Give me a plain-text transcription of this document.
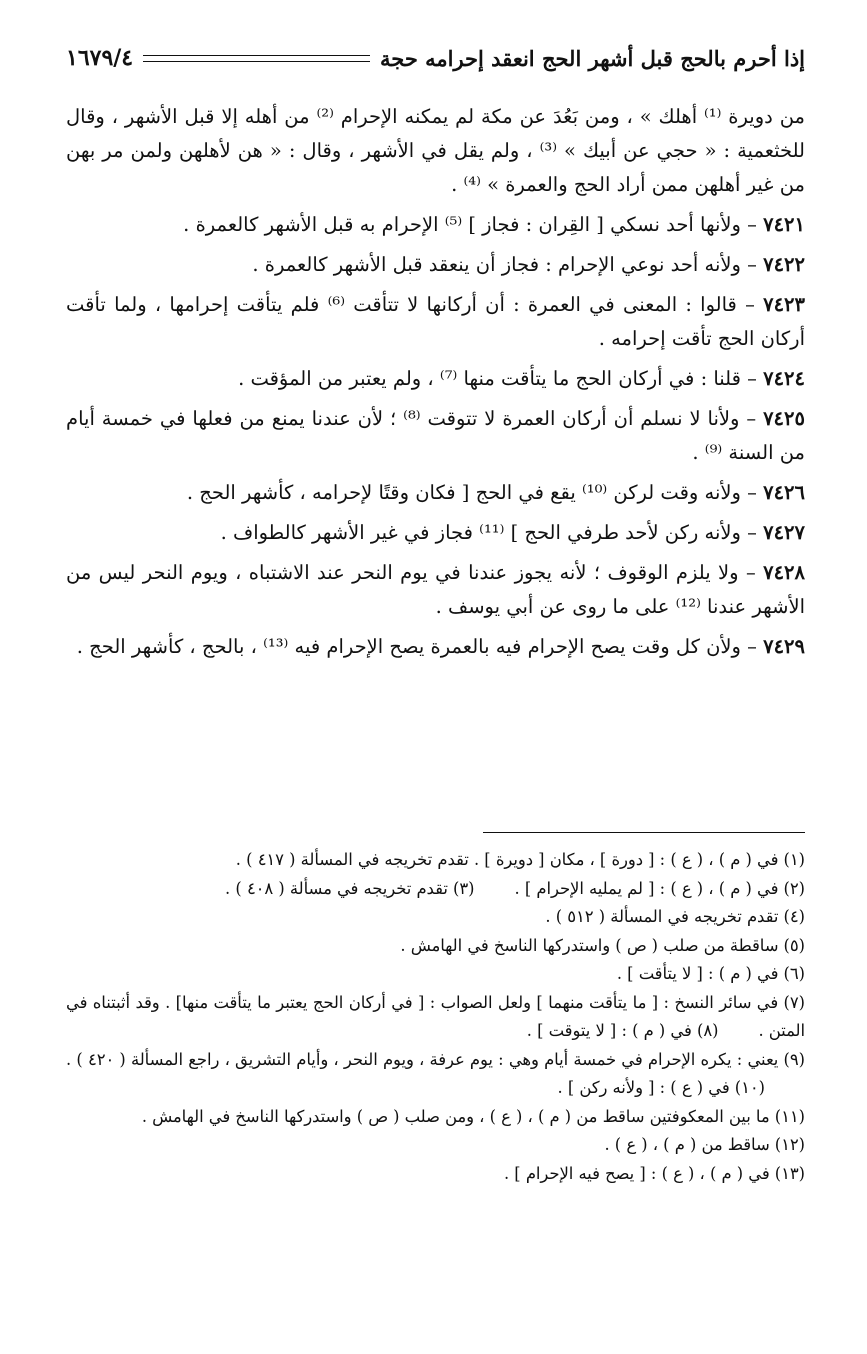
إذا أحرم بالحج قبل أشهر الحج انعقد إحرامه حجة
١٦٧٩/٤

من دويرة ⁽¹⁾ أهلك » ، ومن بَعُدَ عن مكة لم يمكنه الإحرام ⁽²⁾ من أهله إلا قبل الأشهر ، وقال للخثعمية : « حجي عن أبيك » ⁽³⁾ ، ولم يقل في الأشهر ، وقال : « هن لأهلهن ولمن مر بهن من غير أهلهن ممن أراد الحج والعمرة » ⁽⁴⁾ .

٧٤٢١ – ولأنها أحد نسكي [ القِران : فجاز ] ⁽⁵⁾ الإحرام به قبل الأشهر كالعمرة .

٧٤٢٢ – ولأنه أحد نوعي الإحرام : فجاز أن ينعقد قبل الأشهر كالعمرة .

٧٤٢٣ – قالوا : المعنى في العمرة : أن أركانها لا تتأقت ⁽⁶⁾ فلم يتأقت إحرامها ، ولما تأقت أركان الحج تأقت إحرامه .

٧٤٢٤ – قلنا : في أركان الحج ما يتأقت منها ⁽⁷⁾ ، ولم يعتبر من المؤقت .

٧٤٢٥ – ولأنا لا نسلم أن أركان العمرة لا تتوقت ⁽⁸⁾ ؛ لأن عندنا يمنع من فعلها في خمسة أيام من السنة ⁽⁹⁾ .

٧٤٢٦ – ولأنه وقت لركن ⁽¹⁰⁾ يقع في الحج [ فكان وقتًا لإحرامه ، كأشهر الحج .

٧٤٢٧ – ولأنه ركن لأحد طرفي الحج ] ⁽¹¹⁾ فجاز في غير الأشهر كالطواف .

٧٤٢٨ – ولا يلزم الوقوف ؛ لأنه يجوز عندنا في يوم النحر عند الاشتباه ، ويوم النحر ليس من الأشهر عندنا ⁽¹²⁾ على ما روى عن أبي يوسف .

٧٤٢٩ – ولأن كل وقت يصح الإحرام فيه بالعمرة يصح الإحرام فيه ⁽¹³⁾ ، بالحج ، كأشهر الحج .

(١) في ( م ) ، ( ع ) : [ دورة ] ، مكان [ دويرة ] . تقدم تخريجه في المسألة ( ٤١٧ ) .

(٢) في ( م ) ، ( ع ) : [ لم يمليه الإحرام ] .(٣) تقدم تخريجه في مسألة ( ٤٠٨ ) .

(٤) تقدم تخريجه في المسألة ( ٥١٢ ) .

(٥) ساقطة من صلب ( ص ) واستدركها الناسخ في الهامش .

(٦) في ( م ) : [ لا يتأقت ] .

(٧) في سائر النسخ : [ ما يتأقت منهما ] ولعل الصواب : [ في أركان الحج يعتبر ما يتأقت منها] . وقد أثبتناه في المتن .(٨) في ( م ) : [ لا يتوقت ] .

(٩) يعني : يكره الإحرام في خمسة أيام وهي : يوم عرفة ، ويوم النحر ، وأيام التشريق ، راجع المسألة ( ٤٢٠ ) .(١٠) في ( ع ) : [ ولأنه ركن ] .

(١١) ما بين المعكوفتين ساقط من ( م ) ، ( ع ) ، ومن صلب ( ص ) واستدركها الناسخ في الهامش .

(١٢) ساقط من ( م ) ، ( ع ) .

(١٣) في ( م ) ، ( ع ) : [ يصح فيه الإحرام ] .
